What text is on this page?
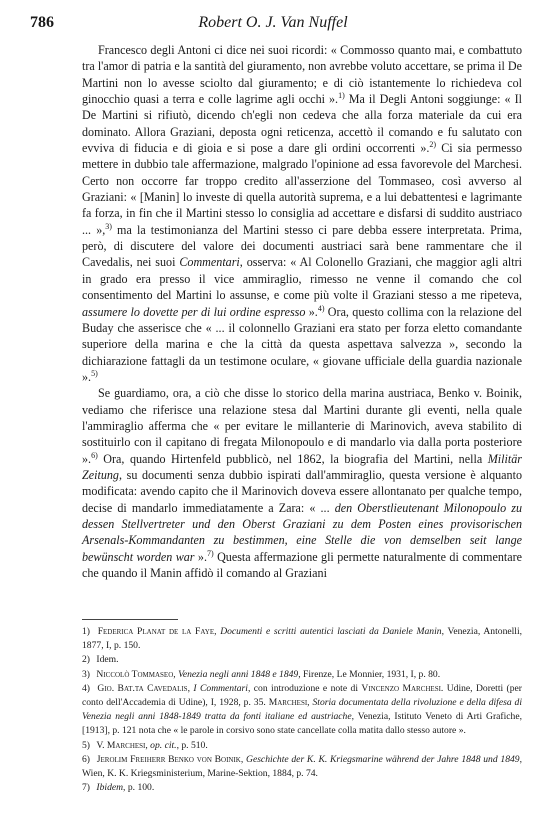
786	Robert O. J. Van Nuffel

Francesco degli Antoni ci dice nei suoi ricordi: « Commosso quanto mai, e combattuto tra l'amor di patria e la santità del giuramento, non avrebbe voluto accettare, se prima il De Martini non lo avesse sciolto dal giuramento; e di ciò istantemente lo richiedeva col ginocchio quasi a terra e colle lagrime agli occhi ».$^{1)}$ Ma il Degli Antoni soggiunge: « Il De Martini si rifiutò, dicendo ch'egli non cedeva che alla forza materiale da cui era dominato. Allora Graziani, deposta ogni reticenza, accettò il comando e fu salutato con evviva di fiducia e di gioia e si pose a dare gli ordini occorrenti ».$^{2)}$ Ci sia permesso mettere in dubbio tale affermazione, malgrado l'opinione ad essa favorevole del Marchesi. Certo non occorre far troppo credito all'asserzione del Tommaseo, così avverso al Graziani: « [Manin] lo investe di quella autorità suprema, e a lui debattentesi e lagrimante fa forza, in fin che il Martini stesso lo consiglia ad accettare e disfarsi di suddito austriaco ... »,$^{3)}$ ma la testimonianza del Martini stesso ci pare debba essere interpretata. Prima, però, di discutere del valore dei documenti austriaci sarà bene rammentare che il Cavedalis, nei suoi Commentari, osserva: « Al Colonello Graziani, che maggior agli altri in grado era presso il vice ammiraglio, rimesso ne venne il comando che col consentimento del Martini lo assunse, e come più volte il Graziani stesso a me ripeteva, assumere lo dovette per di lui ordine espresso ».$^{4)}$ Ora, questo collima con la relazione del Buday che asserisce che « ... il colonnello Graziani era stato per forza eletto comandante superiore della marina e che la città da questa aspettava salvezza », secondo la dichiarazione fattagli da un testimone oculare, « giovane ufficiale della guardia nazionale ».$^{5)}$

Se guardiamo, ora, a ciò che disse lo storico della marina austriaca, Benko v. Boinik, vediamo che riferisce una relazione stesa dal Martini durante gli eventi, nella quale l'ammiraglio afferma che « per evitare le millanterie di Marinovich, aveva stabilito di sostituirlo con il capitano di fregata Milonopoulo e di mandarlo via dalla porta posteriore ».$^{6)}$ Ora, quando Hirtenfeld pubblicò, nel 1862, la biografia del Martini, nella Militär Zeitung, su documenti senza dubbio ispirati dall'ammiraglio, questa versione è alquanto modificata: avendo capito che il Marinovich doveva essere allontanato per qualche tempo, decise di mandarlo immediatamente a Zara: « ... den Oberstlieutenant Milonopoulo zu dessen Stellvertreter und den Oberst Graziani zu dem Posten eines provisorischen Arsenals-Kommandanten zu bestimmen, eine Stelle die von demselben seit lange bewünscht worden war ».$^{7)}$ Questa affermazione gli permette naturalmente di commentare che quando il Manin affidò il comando al Graziani

1) Federica Planat de la Faye, Documenti e scritti autentici lasciati da Daniele Manin, Venezia, Antonelli, 1877, I, p. 150.

2) Idem.

3) Niccolò Tommaseo, Venezia negli anni 1848 e 1849, Firenze, Le Monnier, 1931, I, p. 80.

4) Gio. Bat.ta Cavedalis, I Commentari, con introduzione e note di Vincenzo Marchesi. Udine, Doretti (per conto dell'Accademia di Udine), I, 1928, p. 35. Marchesi, Storia documentata della rivoluzione e della difesa di Venezia negli anni 1848-1849 tratta da fonti italiane ed austriache, Venezia, Istituto Veneto di Arti Grafiche, [1913], p. 121 nota che « le parole in corsivo sono state cancellate colla matita dallo stesso autore ».

5) V. Marchesi, op. cit., p. 510.

6) Jerolim Freiherr Benko von Boinik, Geschichte der K. K. Kriegsmarine während der Jahre 1848 und 1849, Wien, K. K. Kriegsministerium, Marine-Sektion, 1884, p. 74.

7) Ibidem, p. 100.
